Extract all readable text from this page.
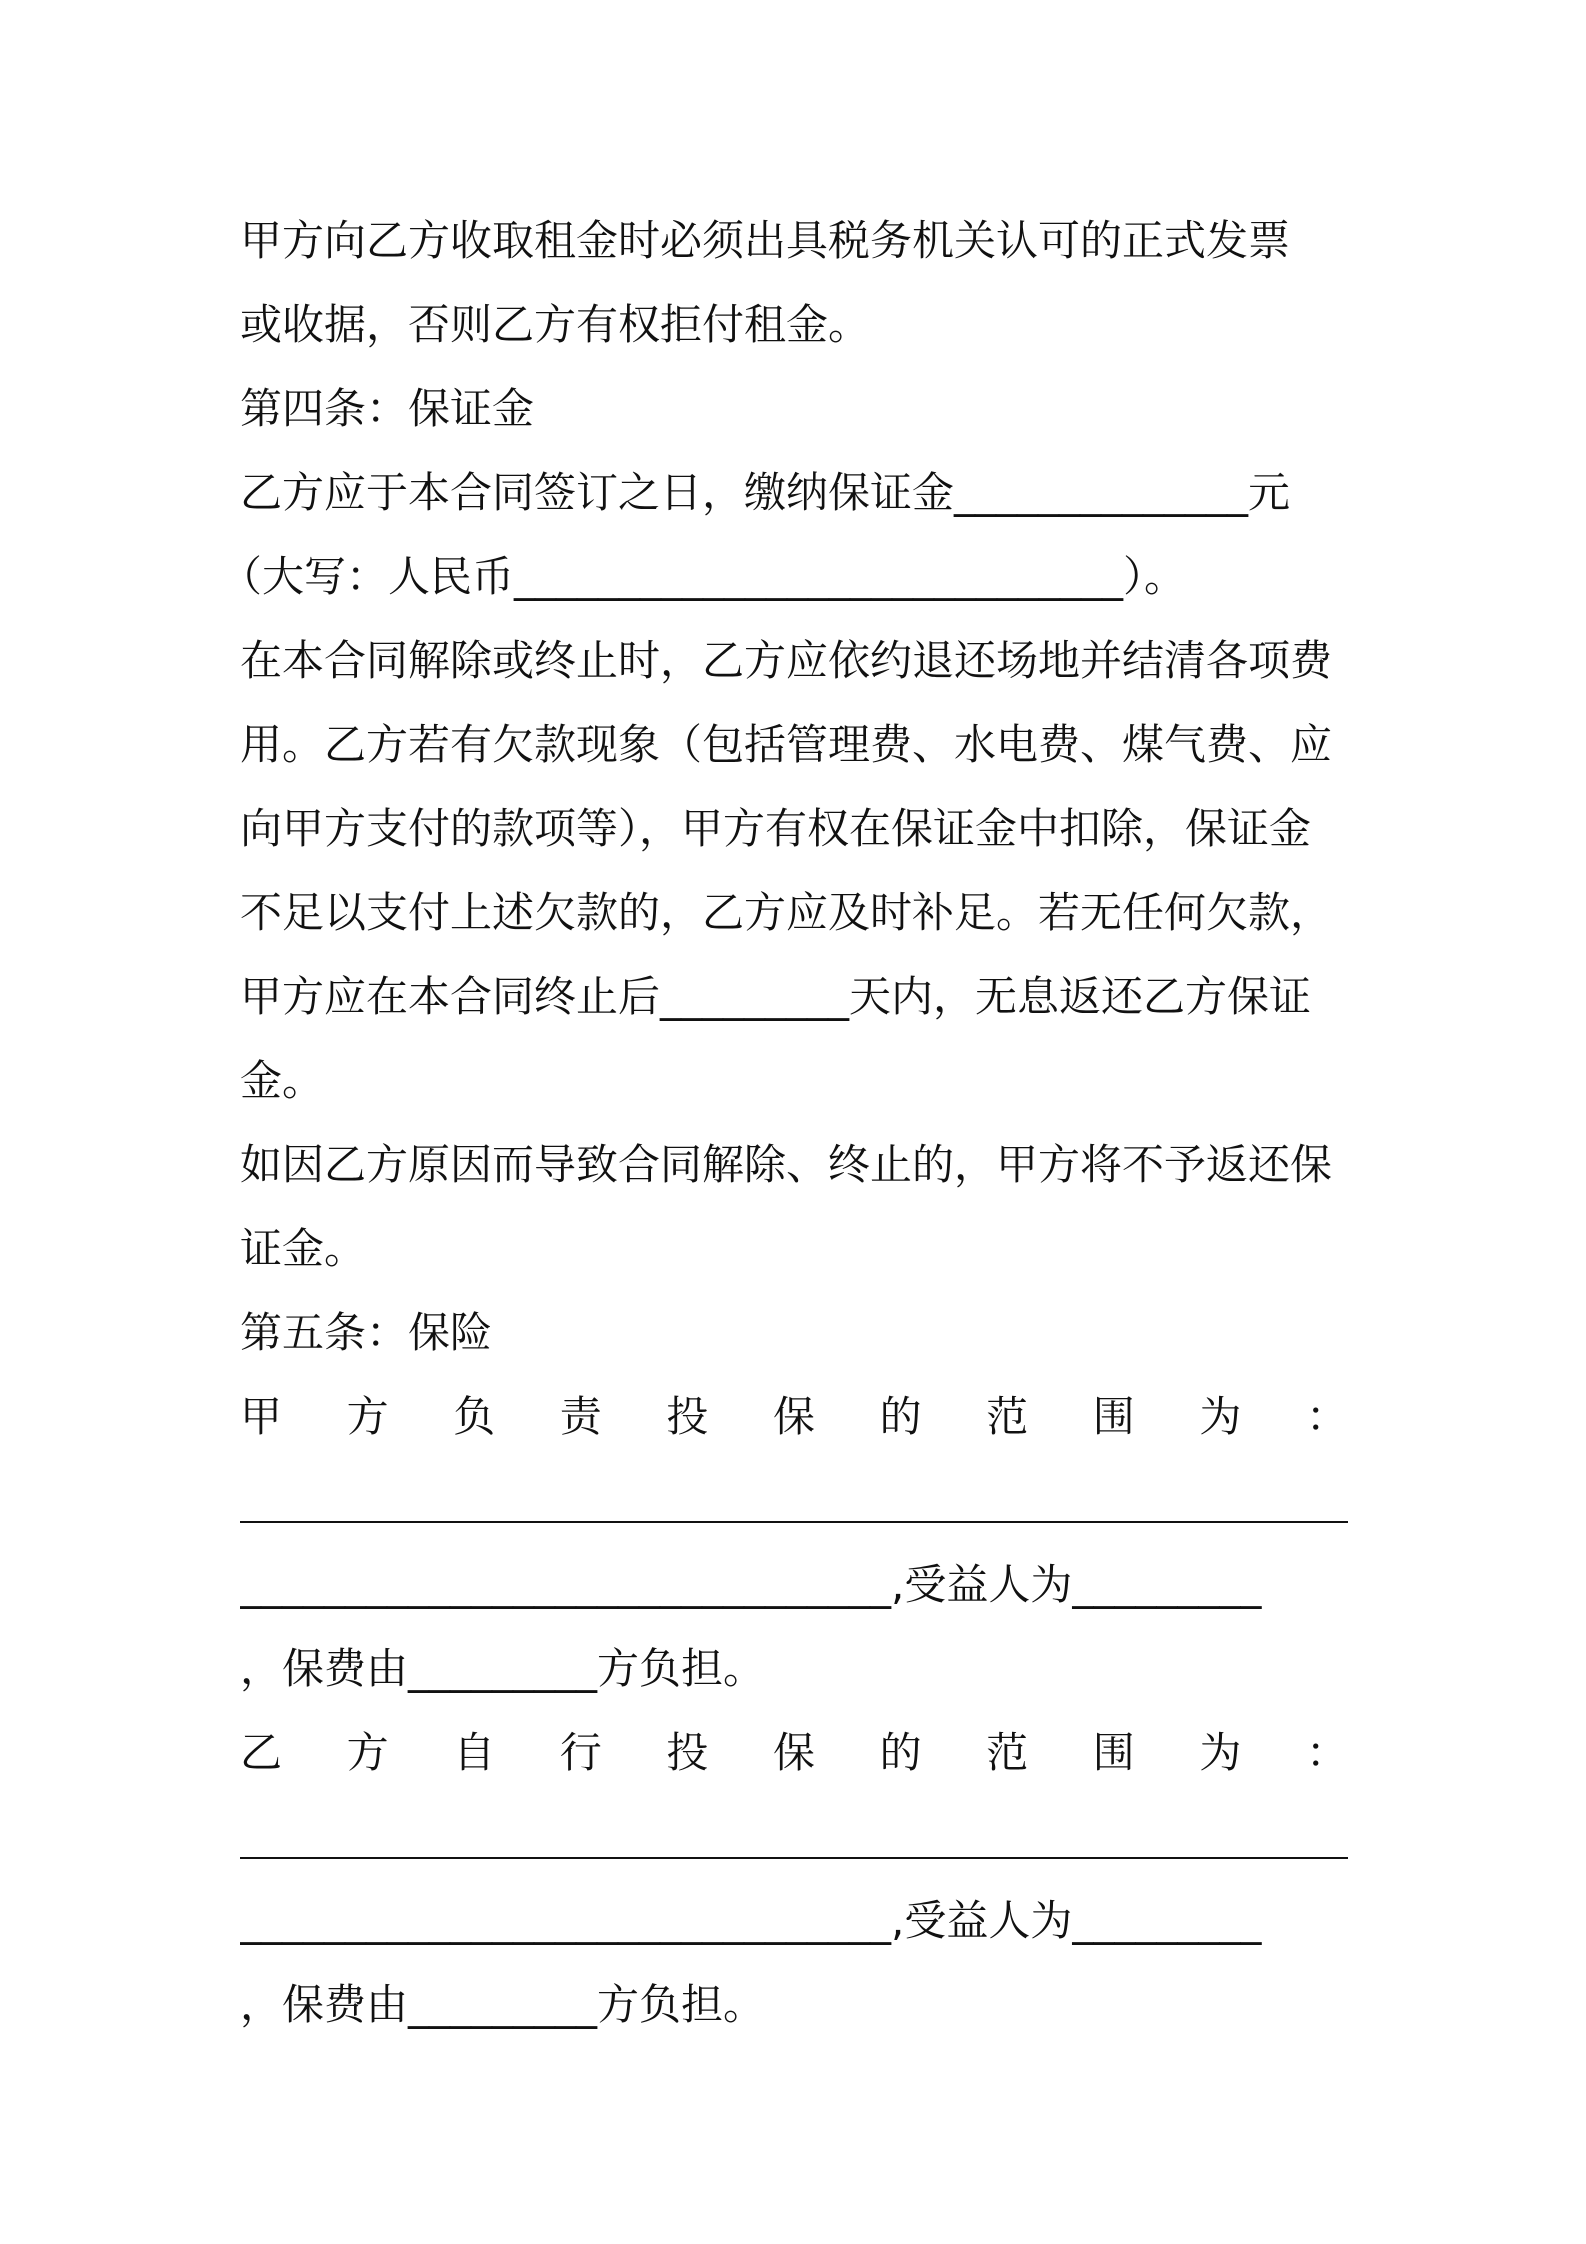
甲方向乙方收取租金时必须出具税务机关认可的正式发票
或收据，否则乙方有权拒付租金。
第四条：保证金
乙方应于本合同签订之日，缴纳保证金______________元
（大写：人民币_____________________________）。
在本合同解除或终止时，乙方应依约退还场地并结清各项费
用。乙方若有欠款现象（包括管理费、水电费、煤气费、应
向甲方支付的款项等），甲方有权在保证金中扣除，保证金
不足以支付上述欠款的，乙方应及时补足。若无任何欠款，
甲方应在本合同终止后_________天内，无息返还乙方保证
金。
如因乙方原因而导致合同解除、终止的，甲方将不予返还保
证金。
第五条：保险
甲 方 负 责 投 保 的 范 围 为 ：
_______________________________,受益人为_________
，保费由_________方负担。
乙 方 自 行 投 保 的 范 围 为 ：
_______________________________,受益人为_________
，保费由_________方负担。
